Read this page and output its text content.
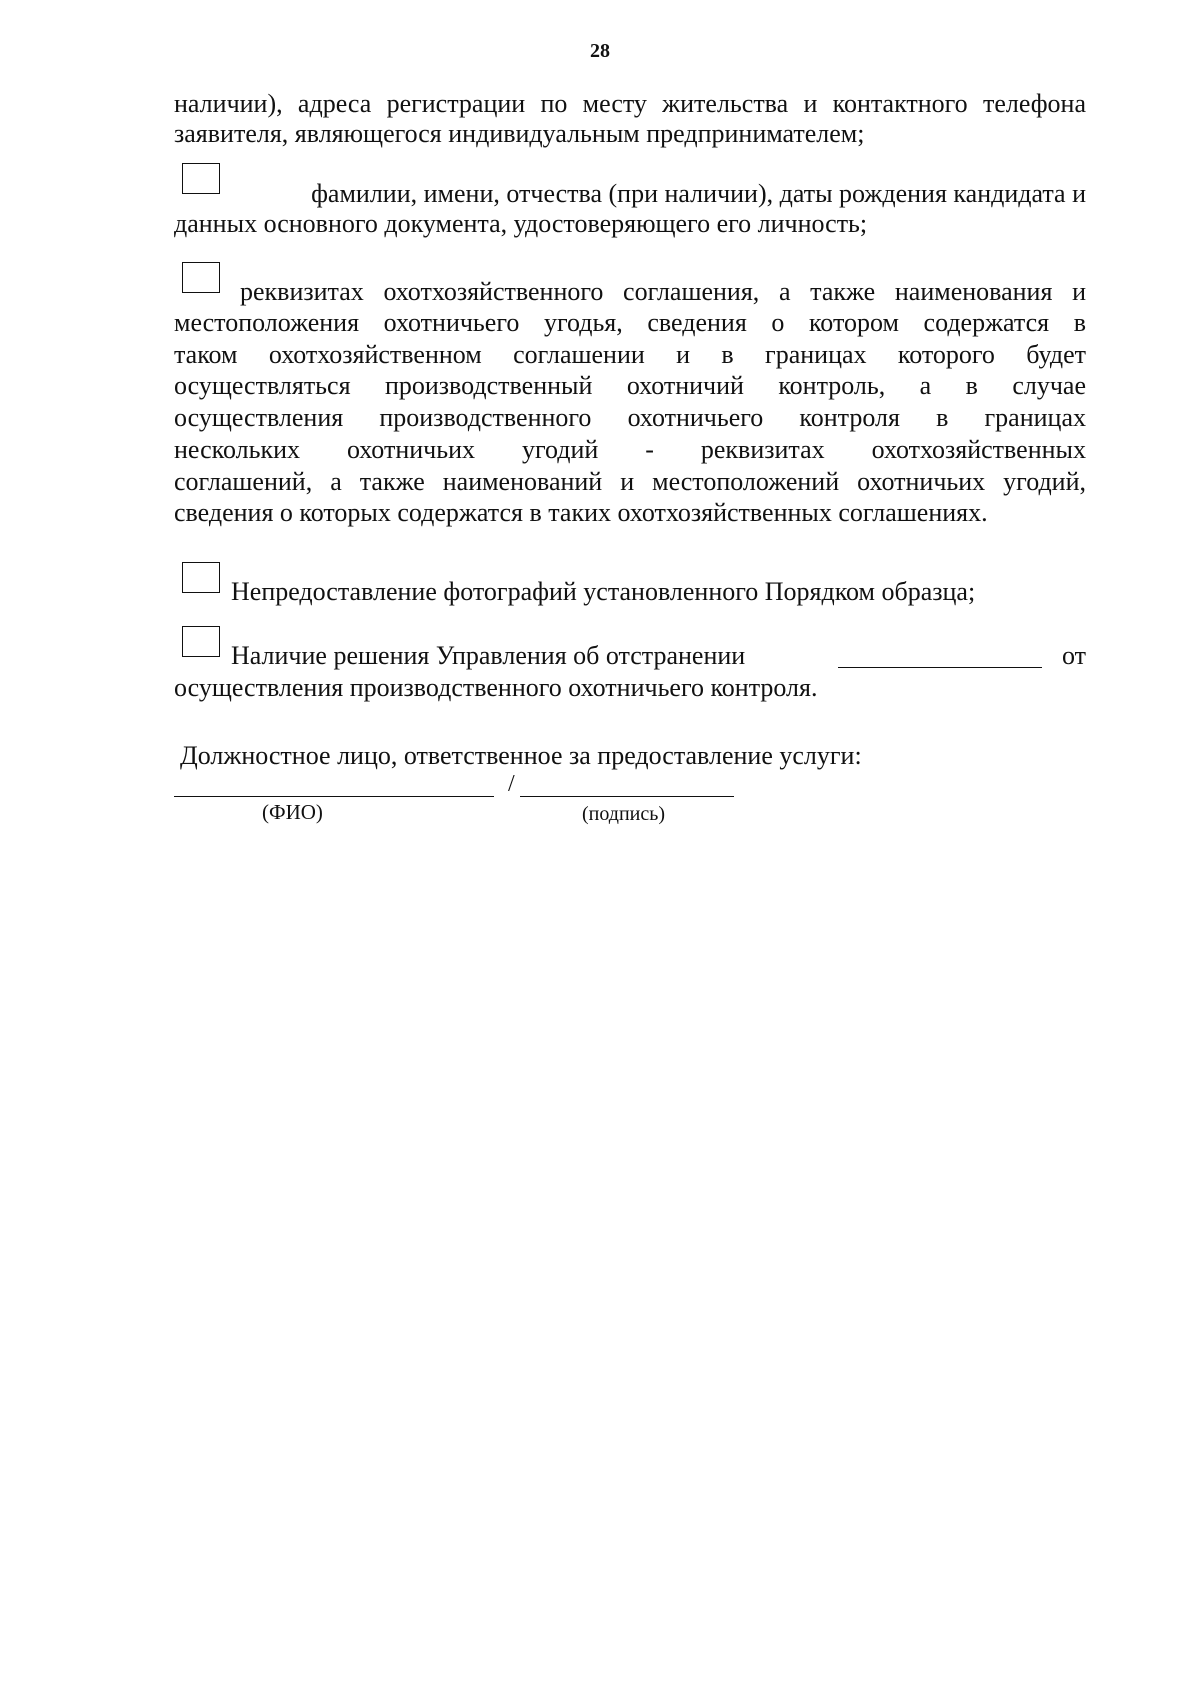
28
наличии), адреса регистрации по месту жительства и контактного телефона
заявителя, являющегося индивидуальным предпринимателем;
фамилии, имени, отчества (при наличии), даты рождения кандидата и
данных основного документа, удостоверяющего его личность;
реквизитах охотхозяйственного соглашения, а также наименования и
местоположения охотничьего угодья, сведения о котором содержатся в
таком охотхозяйственном соглашении и в границах которого будет
осуществляться производственный охотничий контроль, а в случае
осуществления производственного охотничьего контроля в границах
нескольких охотничьих угодий - реквизитах охотхозяйственных
соглашений, а также наименований и местоположений охотничьих угодий,
сведения о которых содержатся в таких охотхозяйственных соглашениях.
Непредоставление фотографий установленного Порядком образца;
Наличие решения Управления об отстранении	от
осуществления производственного охотничьего контроля.
Должностное лицо, ответственное за предоставление услуги:
/
(ФИО)	(подпись)
